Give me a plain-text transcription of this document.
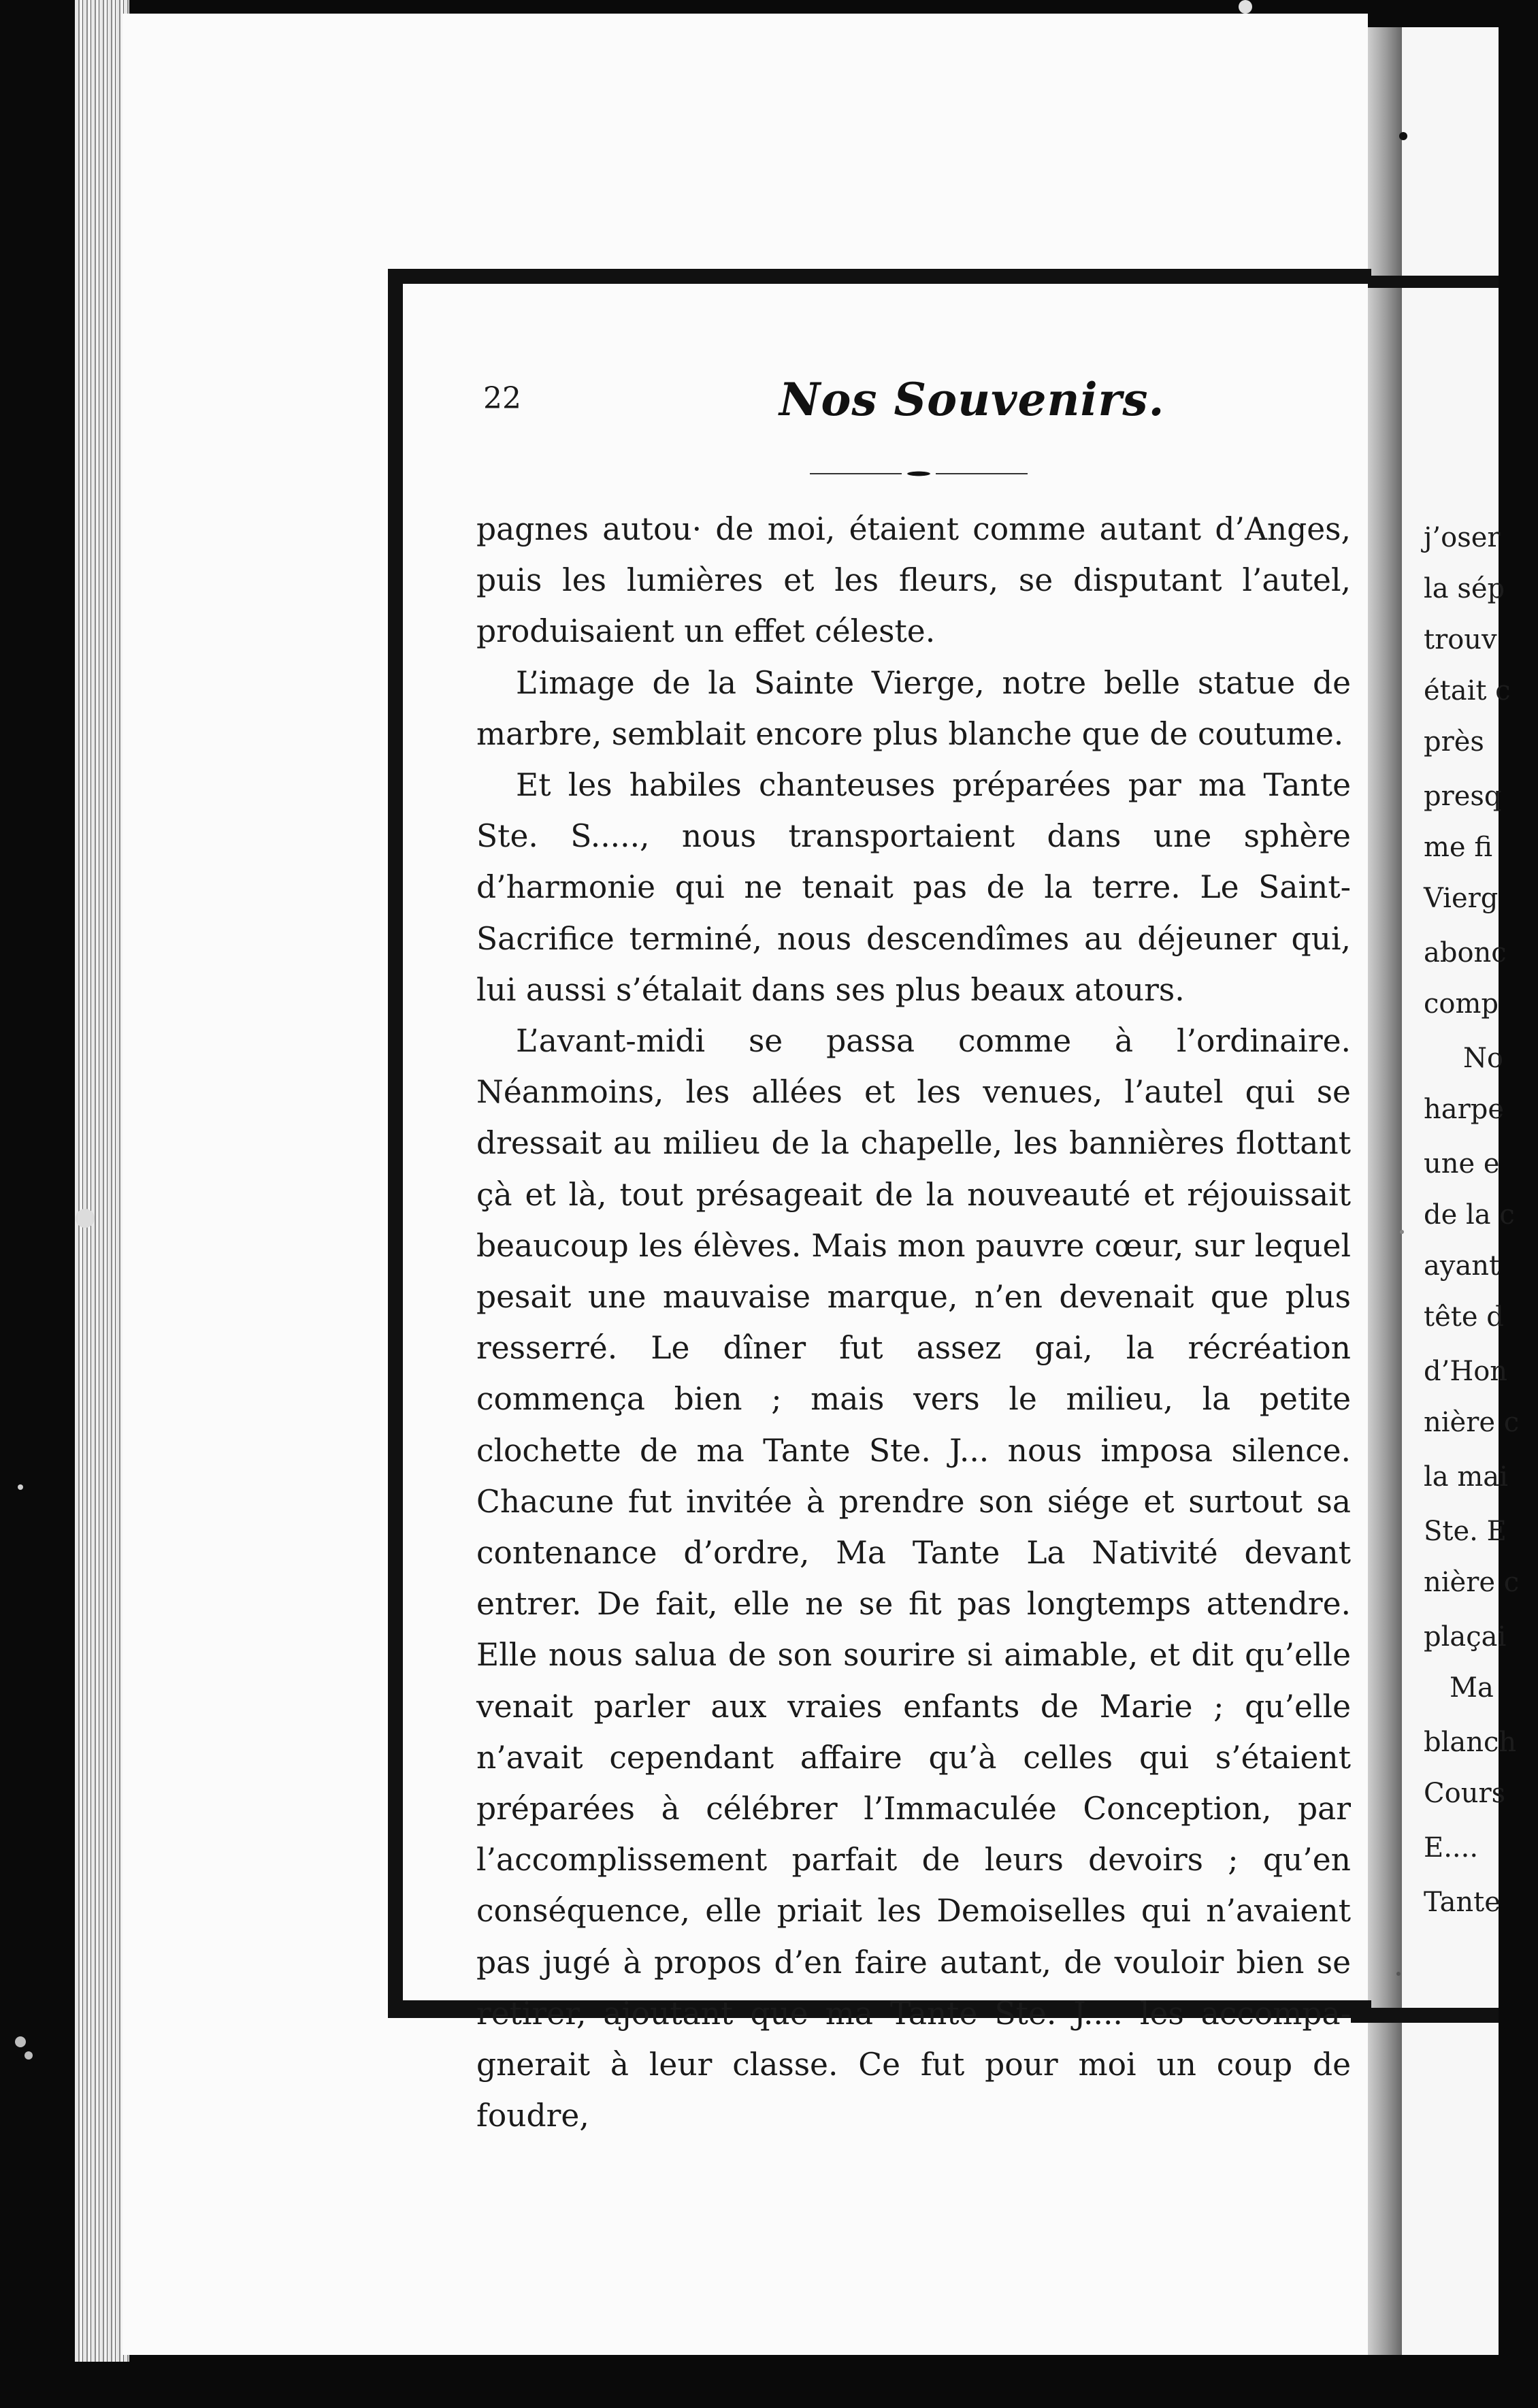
j’oser
la sép
trouv
était c
près
presq
me fi
Vierg
abonc
comp
No
harpe
une e
de la c
ayant
tête d
d’Hon
nière c
la mai
Ste. E
nière c
plaçai
Ma
blanch
Cours
E....
Tante
22	Nos Souvenirs.

pagnes autou· de moi, étaient comme autant d’Anges, puis les lumières et les fleurs, se disputant l’autel, produisaient un effet céleste.

L’image de la Sainte Vierge, notre belle statue de marbre, semblait encore plus blanche que de coutume.

Et les habiles chanteuses préparées par ma Tante Ste. S....., nous transportaient dans une sphère d’harmonie qui ne tenait pas de la terre. Le Saint-Sacrifice terminé, nous descendîmes au déjeuner qui, lui aussi s’étalait dans ses plus beaux atours.

L’avant-midi se passa comme à l’ordinaire. Néanmoins, les allées et les venues, l’autel qui se dressait au milieu de la chapelle, les bannières flottant çà et là, tout présageait de la nouveauté et réjouissait beaucoup les élèves. Mais mon pauvre cœur, sur lequel pesait une mauvaise marque, n’en devenait que plus resserré. Le dîner fut assez gai, la récréation commença bien ; mais vers le milieu, la petite clochette de ma Tante Ste. J... nous imposa silence. Chacune fut invitée à prendre son siége et surtout sa contenance d’ordre, Ma Tante La Nativité devant entrer. De fait, elle ne se fit pas longtemps attendre. Elle nous salua de son sourire si aimable, et dit qu’elle venait parler aux vraies enfants de Marie ; qu’elle n’avait cependant affaire qu’à celles qui s’étaient préparées à célébrer l’Immaculée Conception, par l’accomplissement parfait de leurs devoirs ; qu’en conséquence, elle priait les Demoiselles qui n’avaient pas jugé à propos d’en faire autant, de vouloir bien se retirer, ajoutant que ma Tante Ste. J.... les accompagnerait à leur classe. Ce fut pour moi un coup de foudre,
